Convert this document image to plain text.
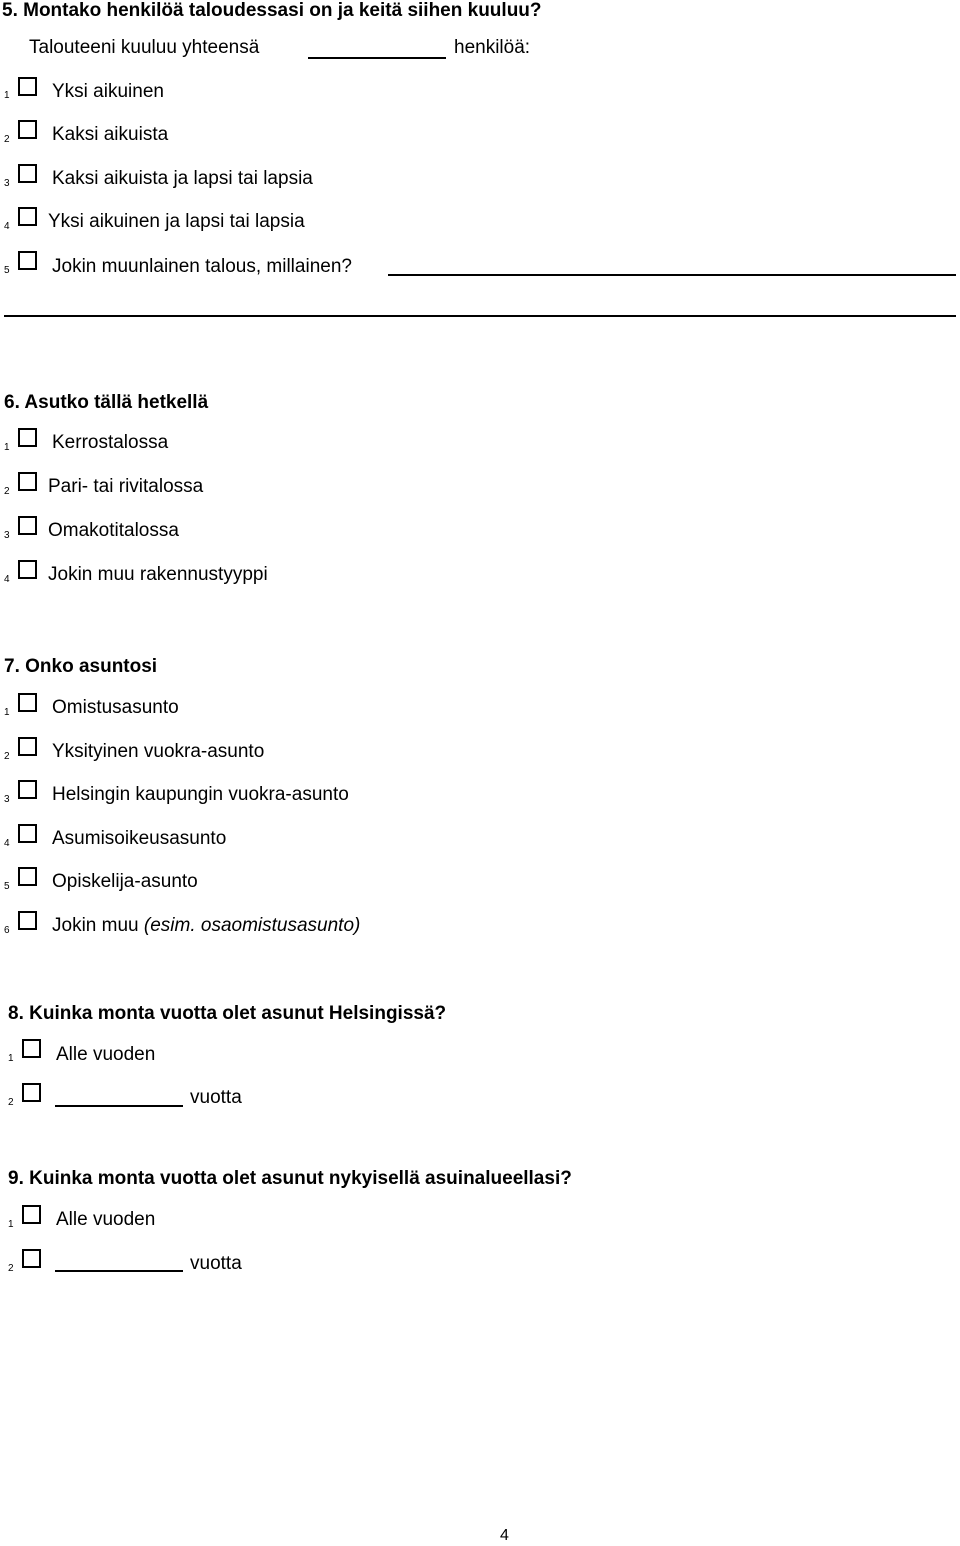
5. Montako henkilöä taloudessasi on ja keitä siihen kuuluu?
Talouteeni kuuluu yhteensä	henkilöä:
1 Yksi aikuinen
2 Kaksi aikuista
3 Kaksi aikuista ja lapsi tai lapsia
4 Yksi aikuinen ja lapsi tai lapsia
5 Jokin muunlainen talous, millainen?
6. Asutko tällä hetkellä
1 Kerrostalossa
2 Pari- tai rivitalossa
3 Omakotitalossa
4 Jokin muu rakennustyyppi
7. Onko asuntosi
1 Omistusasunto
2 Yksityinen vuokra-asunto
3 Helsingin kaupungin vuokra-asunto
4 Asumisoikeusasunto
5 Opiskelija-asunto
6 Jokin muu (esim. osaomistusasunto)
8. Kuinka monta vuotta olet asunut Helsingissä?
1 Alle vuoden
2	vuotta
9. Kuinka monta vuotta olet asunut nykyisellä asuinalueellasi?
1 Alle vuoden
2	vuotta
4
